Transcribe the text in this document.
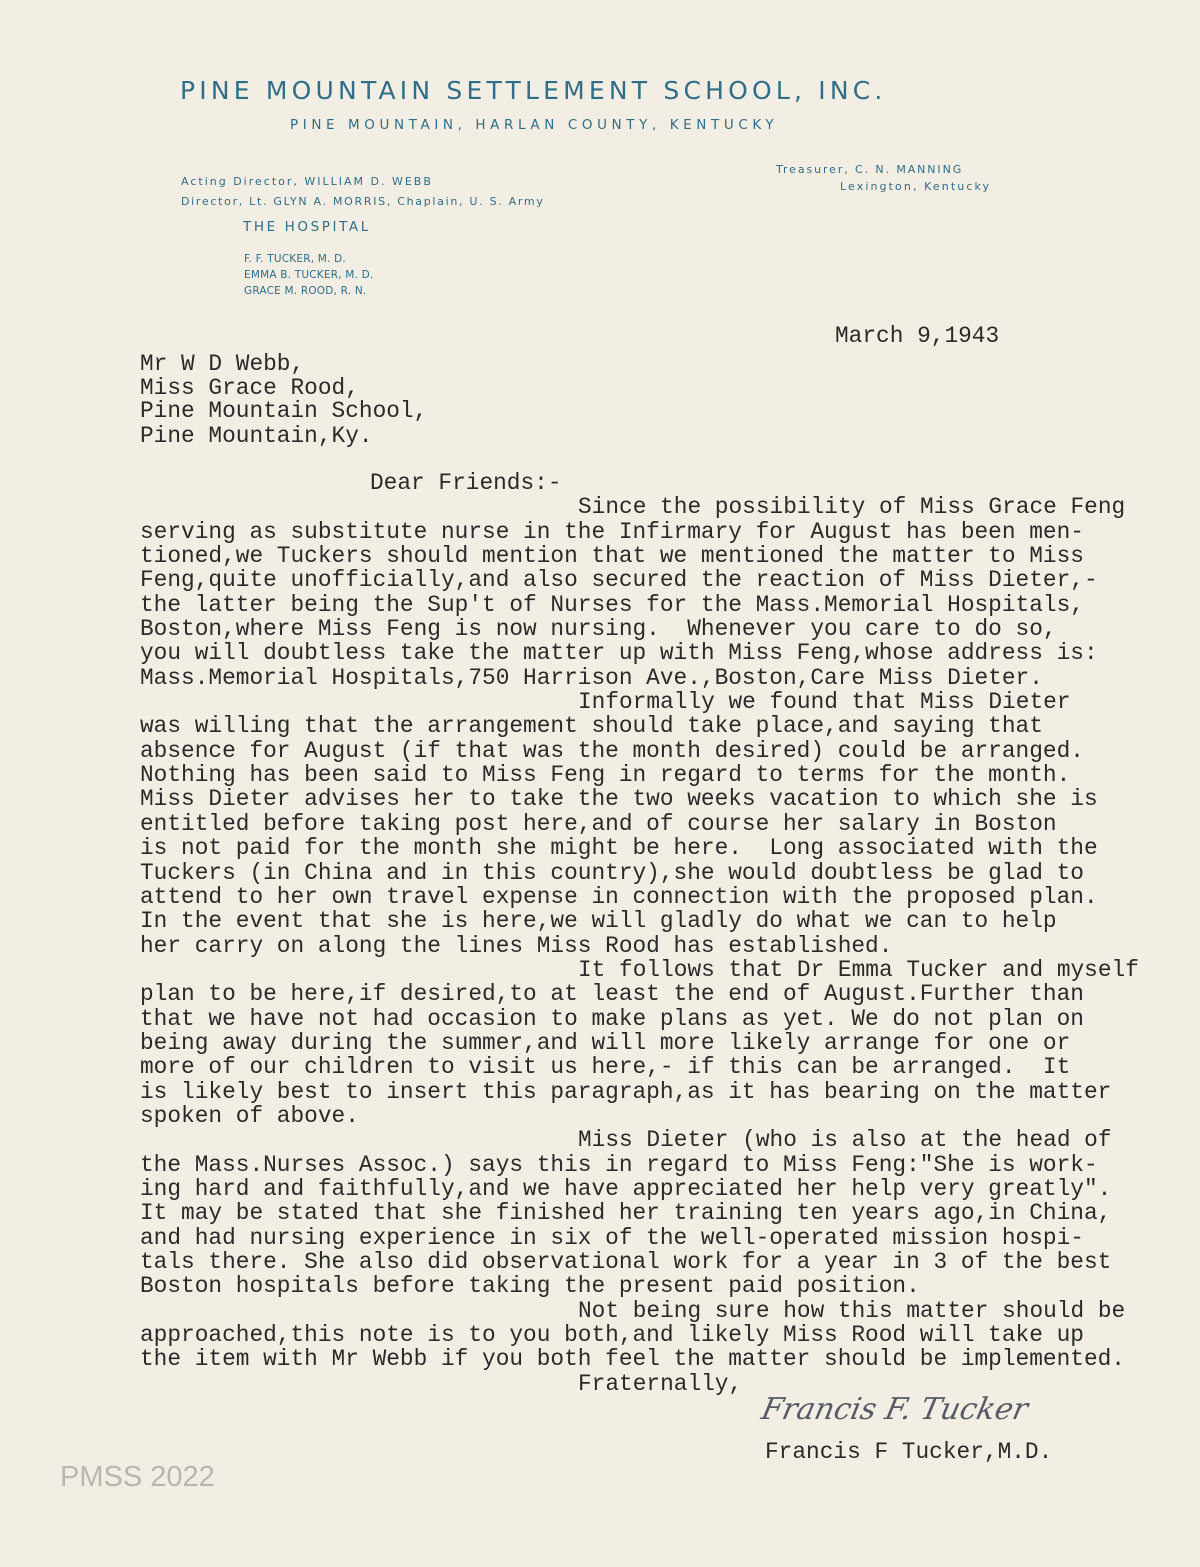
PINE MOUNTAIN SETTLEMENT SCHOOL, INC.
PINE MOUNTAIN, HARLAN COUNTY, KENTUCKY
Acting Director, WILLIAM D. WEBB
Director, Lt. GLYN A. MORRIS, Chaplain, U. S. Army
THE HOSPITAL
F. F. TUCKER, M. D.
EMMA B. TUCKER, M. D.
GRACE M. ROOD, R. N.
Treasurer, C. N. MANNING
Lexington, Kentucky
March 9,1943
Mr W D Webb,
Miss Grace Rood,
Pine Mountain School,
Pine Mountain,Ky.
Dear Friends:-
Since the possibility of Miss Grace Feng
serving as substitute nurse in the Infirmary for August has been men-
tioned,we Tuckers should mention that we mentioned the matter to Miss
Feng,quite unofficially,and also secured the reaction of Miss Dieter,-
the latter being the Sup't of Nurses for the Mass.Memorial Hospitals,
Boston,where Miss Feng is now nursing.  Whenever you care to do so,
you will doubtless take the matter up with Miss Feng,whose address is:
Mass.Memorial Hospitals,750 Harrison Ave.,Boston,Care Miss Dieter.
Informally we found that Miss Dieter
was willing that the arrangement should take place,and saying that
absence for August (if that was the month desired) could be arranged.
Nothing has been said to Miss Feng in regard to terms for the month.
Miss Dieter advises her to take the two weeks vacation to which she is
entitled before taking post here,and of course her salary in Boston
is not paid for the month she might be here.  Long associated with the
Tuckers (in China and in this country),she would doubtless be glad to
attend to her own travel expense in connection with the proposed plan.
In the event that she is here,we will gladly do what we can to help
her carry on along the lines Miss Rood has established.
It follows that Dr Emma Tucker and myself
plan to be here,if desired,to at least the end of August.Further than
that we have not had occasion to make plans as yet. We do not plan on
being away during the summer,and will more likely arrange for one or
more of our children to visit us here,- if this can be arranged.  It
is likely best to insert this paragraph,as it has bearing on the matter
spoken of above.
Miss Dieter (who is also at the head of
the Mass.Nurses Assoc.) says this in regard to Miss Feng:"She is work-
ing hard and faithfully,and we have appreciated her help very greatly".
It may be stated that she finished her training ten years ago,in China,
and had nursing experience in six of the well-operated mission hospi-
tals there. She also did observational work for a year in 3 of the best
Boston hospitals before taking the present paid position.
Not being sure how this matter should be
approached,this note is to you both,and likely Miss Rood will take up
the item with Mr Webb if you both feel the matter should be implemented.
Fraternally,
Francis F. Tucker
Francis F Tucker,M.D.
PMSS 2022
